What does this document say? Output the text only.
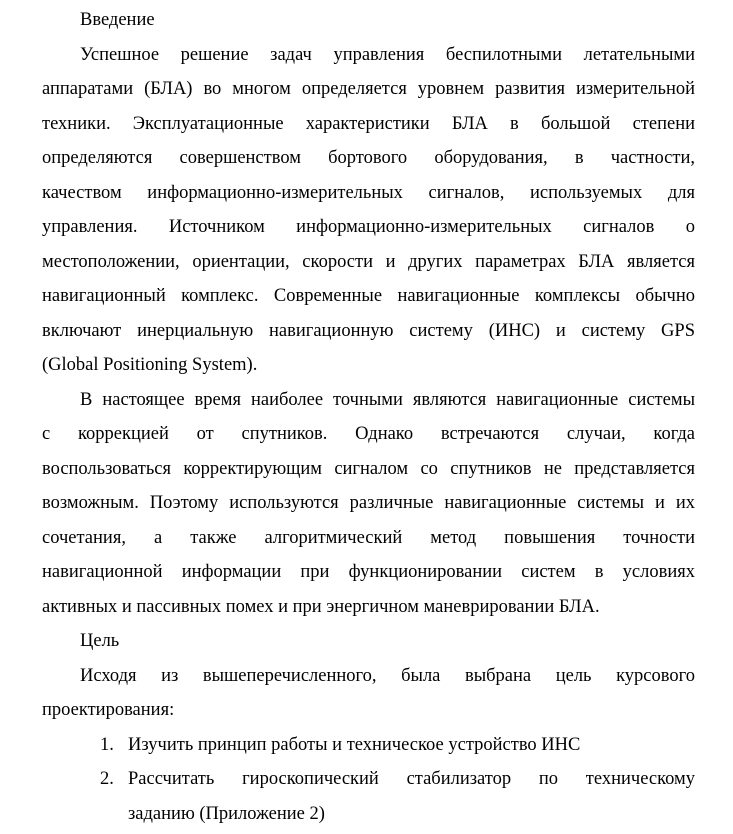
Введение
Успешное решение задач управления беспилотными летательными
аппаратами (БЛА) во многом определяется уровнем развития измерительной
техники. Эксплуатационные характеристики БЛА в большой степени
определяются совершенством бортового оборудования, в частности,
качеством информационно-измерительных сигналов, используемых для
управления. Источником информационно-измерительных сигналов о
местоположении, ориентации, скорости и других параметрах БЛА является
навигационный комплекс. Современные навигационные комплексы обычно
включают инерциальную навигационную систему (ИНС) и систему GPS
(Global Positioning System).
В настоящее время наиболее точными являются навигационные системы
с коррекцией от спутников. Однако встречаются случаи, когда
воспользоваться корректирующим сигналом со спутников не представляется
возможным. Поэтому используются различные навигационные системы и их
сочетания, а также алгоритмический метод повышения точности
навигационной информации при функционировании систем в условиях
активных и пассивных помех и при энергичном маневрировании БЛА.
Цель
Исходя из вышеперечисленного, была выбрана цель курсового
проектирования:
1. Изучить принцип работы и техническое устройство ИНС
2. Рассчитать гироскопический стабилизатор по техническому
заданию (Приложение 2)
